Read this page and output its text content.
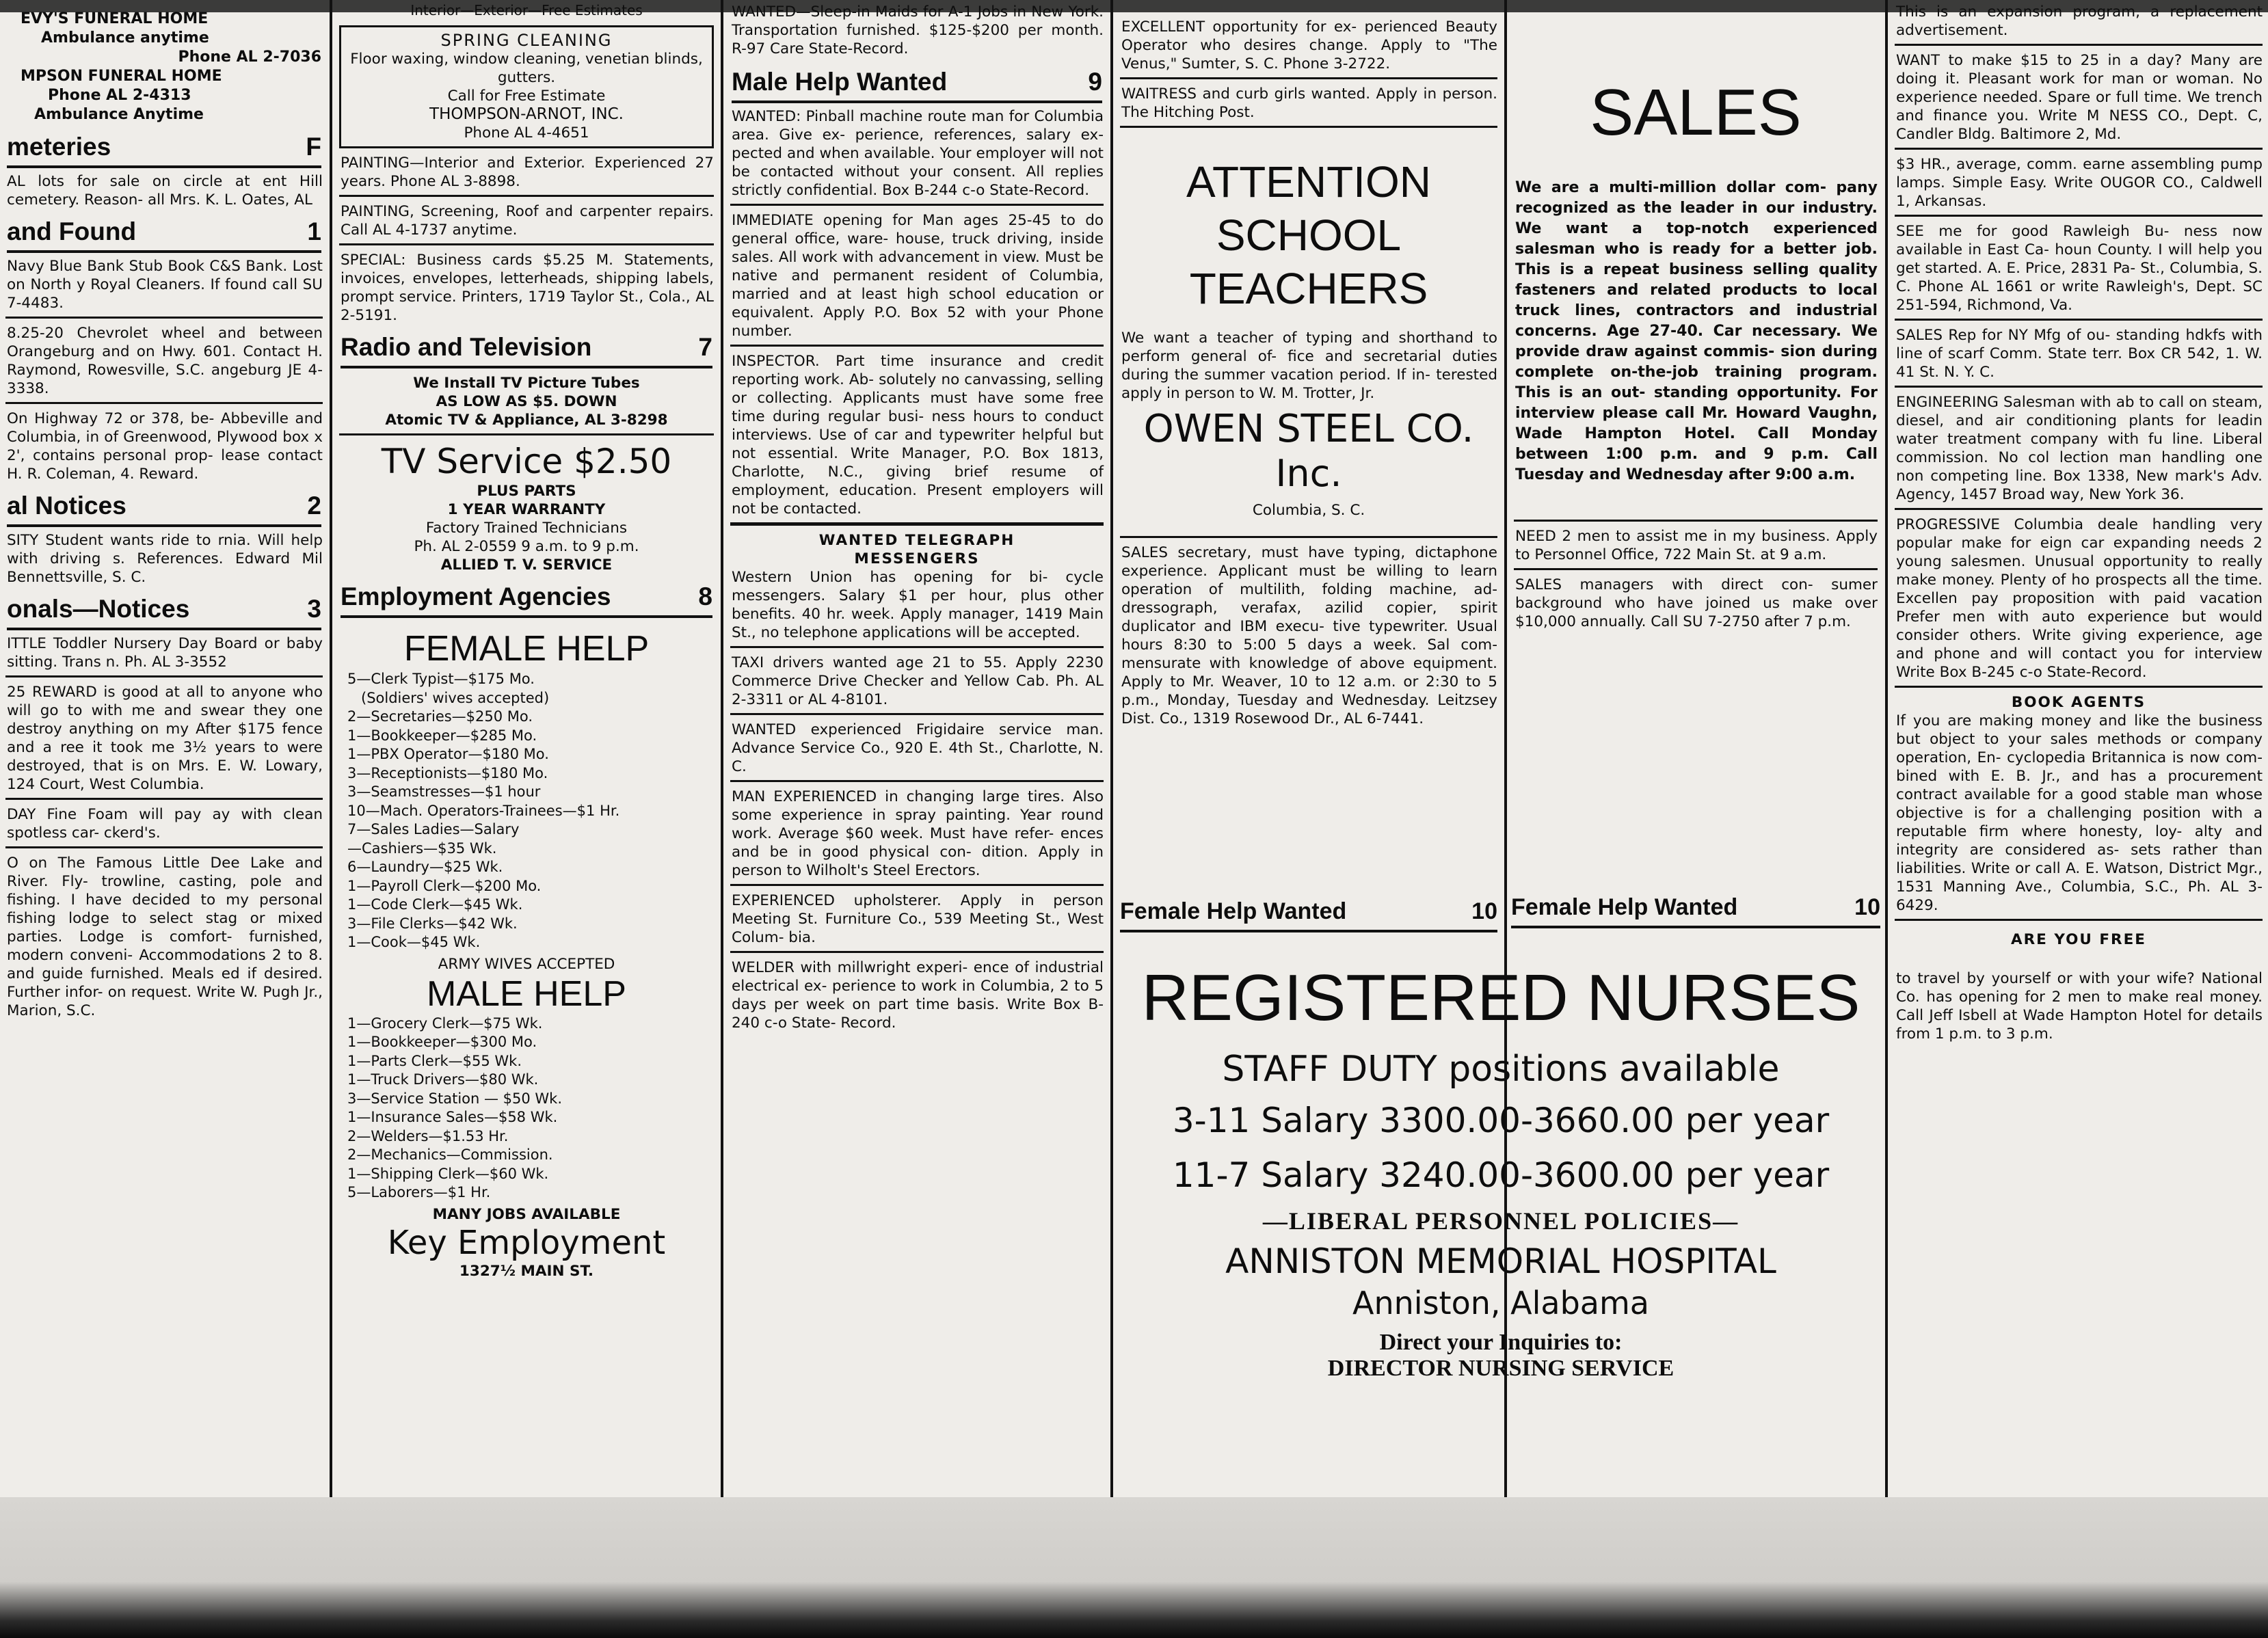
EVY'S FUNERAL HOME
Ambulance anytime
Phone AL 2-7036
MPSON FUNERAL HOME
Phone AL 2-4313
Ambulance Anytime
meteries	F

AL lots for sale on circle at ent Hill cemetery. Reason- all Mrs. K. L. Oates, AL

and Found	1

Navy Blue Bank Stub Book C&S Bank. Lost on North y Royal Cleaners. If found call SU 7-4483.

8.25-20 Chevrolet wheel and between Orangeburg and on Hwy. 601. Contact H. Raymond, Rowesville, S.C. angeburg JE 4-3338.

On Highway 72 or 378, be- Abbeville and Columbia, in of Greenwood, Plywood box x 2', contains personal prop- lease contact H. R. Coleman, 4. Reward.

al Notices	2

SITY Student wants ride to rnia. Will help with driving s. References. Edward Mil Bennettsville, S. C.

onals—Notices	3

ITTLE Toddler Nursery Day Board or baby sitting. Trans n. Ph. AL 3-3552

25 REWARD is good at all to anyone who will go to with me and swear they one destroy anything on my After $175 fence and a ree it took me 3½ years to were destroyed, that is on Mrs. E. W. Lowary, 124 Court, West Columbia.

DAY Fine Foam will pay ay with clean spotless car- ckerd's.

O on The Famous Little Dee Lake and River. Fly- trowline, casting, pole and fishing. I have decided to my personal fishing lodge to select stag or mixed parties. Lodge is comfort- furnished, modern conveni- Accommodations 2 to 8. and guide furnished. Meals ed if desired. Further infor- on request. Write W. Pugh Jr., Marion, S.C.

Interior—Exterior—Free Estimates
SPRING CLEANING
Floor waxing, window cleaning, venetian blinds, gutters.
Call for Free Estimate
THOMPSON-ARNOT, INC.
Phone AL 4-4651

PAINTING—Interior and Exterior. Experienced 27 years. Phone AL 3-8898.

PAINTING, Screening, Roof and carpenter repairs. Call AL 4-1737 anytime.

SPECIAL: Business cards $5.25 M. Statements, invoices, envelopes, letterheads, shipping labels, prompt service. Printers, 1719 Taylor St., Cola., AL 2-5191.

Radio and Television	7
We Install TV Picture Tubes
AS LOW AS $5. DOWN
Atomic TV & Appliance, AL 3-8298
TV Service $2.50
PLUS PARTS
1 YEAR WARRANTY
Factory Trained Technicians
Ph. AL 2-0559 9 a.m. to 9 p.m.
ALLIED T. V. SERVICE
Employment Agencies	8
FEMALE HELP
5—Clerk Typist—$175 Mo.
(Soldiers' wives accepted)
2—Secretaries—$250 Mo.
1—Bookkeeper—$285 Mo.
1—PBX Operator—$180 Mo.
3—Receptionists—$180 Mo.
3—Seamstresses—$1 hour
10—Mach. Operators-Trainees—$1 Hr.
7—Sales Ladies—Salary
—Cashiers—$35 Wk.
6—Laundry—$25 Wk.
1—Payroll Clerk—$200 Mo.
1—Code Clerk—$45 Wk.
3—File Clerks—$42 Wk.
1—Cook—$45 Wk.
ARMY WIVES ACCEPTED
MALE HELP
1—Grocery Clerk—$75 Wk.
1—Bookkeeper—$300 Mo.
1—Parts Clerk—$55 Wk.
1—Truck Drivers—$80 Wk.
3—Service Station — $50 Wk.
1—Insurance Sales—$58 Wk.
2—Welders—$1.53 Hr.
2—Mechanics—Commission.
1—Shipping Clerk—$60 Wk.
5—Laborers—$1 Hr.
MANY JOBS AVAILABLE
Key Employment
1327½ MAIN ST.

WANTED—Sleep-in Maids for A-1 Jobs in New York. Transportation furnished. $125-$200 per month. R-97 Care State-Record.

Male Help Wanted	9

WANTED: Pinball machine route man for Columbia area. Give ex- perience, references, salary ex- pected and when available. Your employer will not be contacted without your consent. All replies strictly confidential. Box B-244 c-o State-Record.

IMMEDIATE opening for Man ages 25-45 to do general office, ware- house, truck driving, inside sales. All work with advancement in view. Must be native and permanent resident of Columbia, married and at least high school education or equivalent. Apply P.O. Box 52 with your Phone number.

INSPECTOR. Part time insurance and credit reporting work. Ab- solutely no canvassing, selling or collecting. Applicants must have some free time during regular busi- ness hours to conduct interviews. Use of car and typewriter helpful but not essential. Write Manager, P.O. Box 1813, Charlotte, N.C., giving brief resume of employment, education. Present employers will not be contacted.

WANTED TELEGRAPH
MESSENGERS

Western Union has opening for bi- cycle messengers. Salary $1 per hour, plus other benefits. 40 hr. week. Apply manager, 1419 Main St., no telephone applications will be accepted.

TAXI drivers wanted age 21 to 55. Apply 2230 Commerce Drive Checker and Yellow Cab. Ph. AL 2-3311 or AL 4-8101.

WANTED experienced Frigidaire service man. Advance Service Co., 920 E. 4th St., Charlotte, N. C.

MAN EXPERIENCED in changing large tires. Also some experience in spray painting. Year round work. Average $60 week. Must have refer- ences and be in good physical con- dition. Apply in person to Wilholt's Steel Erectors.

EXPERIENCED upholsterer. Apply in person Meeting St. Furniture Co., 539 Meeting St., West Colum- bia.

WELDER with millwright experi- ence of industrial electrical ex- perience to work in Columbia, 2 to 5 days per week on part time basis. Write Box B-240 c-o State- Record.

EXCELLENT opportunity for ex- perienced Beauty Operator who desires change. Apply to "The Venus," Sumter, S. C. Phone 3-2722.

WAITRESS and curb girls wanted. Apply in person. The Hitching Post.

ATTENTION
SCHOOL TEACHERS

We want a teacher of typing and shorthand to perform general of- fice and secretarial duties during the summer vacation period. If in- terested apply in person to W. M. Trotter, Jr.

OWEN STEEL CO.
Inc.
Columbia, S. C.

SALES secretary, must have typing, dictaphone experience. Applicant must be willing to learn operation of multilith, folding machine, ad- dressograph, verafax, azilid copier, spirit duplicator and IBM execu- tive typewriter. Usual hours 8:30 to 5:00 5 days a week. Sal com- mensurate with knowledge of above equipment. Apply to Mr. Weaver, 10 to 12 a.m. or 2:30 to 5 p.m., Monday, Tuesday and Wednesday. Leitzsey Dist. Co., 1319 Rosewood Dr., AL 6-7441.

SALES

We are a multi-million dollar com- pany recognized as the leader in our industry. We want a top-notch experienced salesman who is ready for a better job. This is a repeat business selling quality fasteners and related products to local truck lines, contractors and industrial concerns. Age 27-40. Car necessary. We provide draw against commis- sion during complete on-the-job training program. This is an out- standing opportunity. For interview please call Mr. Howard Vaughn, Wade Hampton Hotel. Call Monday between 1:00 p.m. and 9 p.m. Call Tuesday and Wednesday after 9:00 a.m.

NEED 2 men to assist me in my business. Apply to Personnel Office, 722 Main St. at 9 a.m.

SALES managers with direct con- sumer background who have joined us make over $10,000 annually. Call SU 7-2750 after 7 p.m.

Female Help Wanted	10 Female Help Wanted	10
REGISTERED NURSES
STAFF DUTY positions available
3-11 Salary 3300.00-3660.00 per year
11-7 Salary 3240.00-3600.00 per year
—LIBERAL PERSONNEL POLICIES—
ANNISTON MEMORIAL HOSPITAL
Anniston, Alabama
Direct your Inquiries to:
DIRECTOR NURSING SERVICE

This is an expansion program, a replacement advertisement.

WANT to make $15 to 25 in a day? Many are doing it. Pleasant work for man or woman. No experience needed. Spare or full time. We trench and finance you. Write M NESS CO., Dept. C, Candler Bldg. Baltimore 2, Md.

$3 HR., average, comm. earne assembling pump lamps. Simple Easy. Write OUGOR CO., Caldwell 1, Arkansas.

SEE me for good Rawleigh Bu- ness now available in East Ca- houn County. I will help you get started. A. E. Price, 2831 Pa- St., Columbia, S. C. Phone AL 1661 or write Rawleigh's, Dept. SC 251-594, Richmond, Va.

SALES Rep for NY Mfg of ou- standing hdkfs with line of scarf Comm. State terr. Box CR 542, 1. W. 41 St. N. Y. C.

ENGINEERING Salesman with ab to call on steam, diesel, and air conditioning plants for leadin water treatment company with fu line. Liberal commission. No col lection man handling one non competing line. Box 1338, New mark's Adv. Agency, 1457 Broad way, New York 36.

PROGRESSIVE Columbia deale handling very popular make for eign car expanding needs 2 young salesmen. Unusual opportunity to really make money. Plenty of ho prospects all the time. Excellen pay proposition with paid vacation Prefer men with auto experience but would consider others. Write giving experience, age and phone and will contact you for interview Write Box B-245 c-o State-Record.

BOOK AGENTS

If you are making money and like the business but object to your sales methods or company operation, En- cyclopedia Britannica is now com- bined with E. B. Jr., and has a procurement contract available for a good stable man whose objective is for a challenging position with a reputable firm where honesty, loy- alty and integrity are considered as- sets rather than liabilities. Write or call A. E. Watson, District Mgr., 1531 Manning Ave., Columbia, S.C., Ph. AL 3-6429.

ARE YOU FREE

to travel by yourself or with your wife? National Co. has opening for 2 men to make real money. Call Jeff Isbell at Wade Hampton Hotel for details from 1 p.m. to 3 p.m.
